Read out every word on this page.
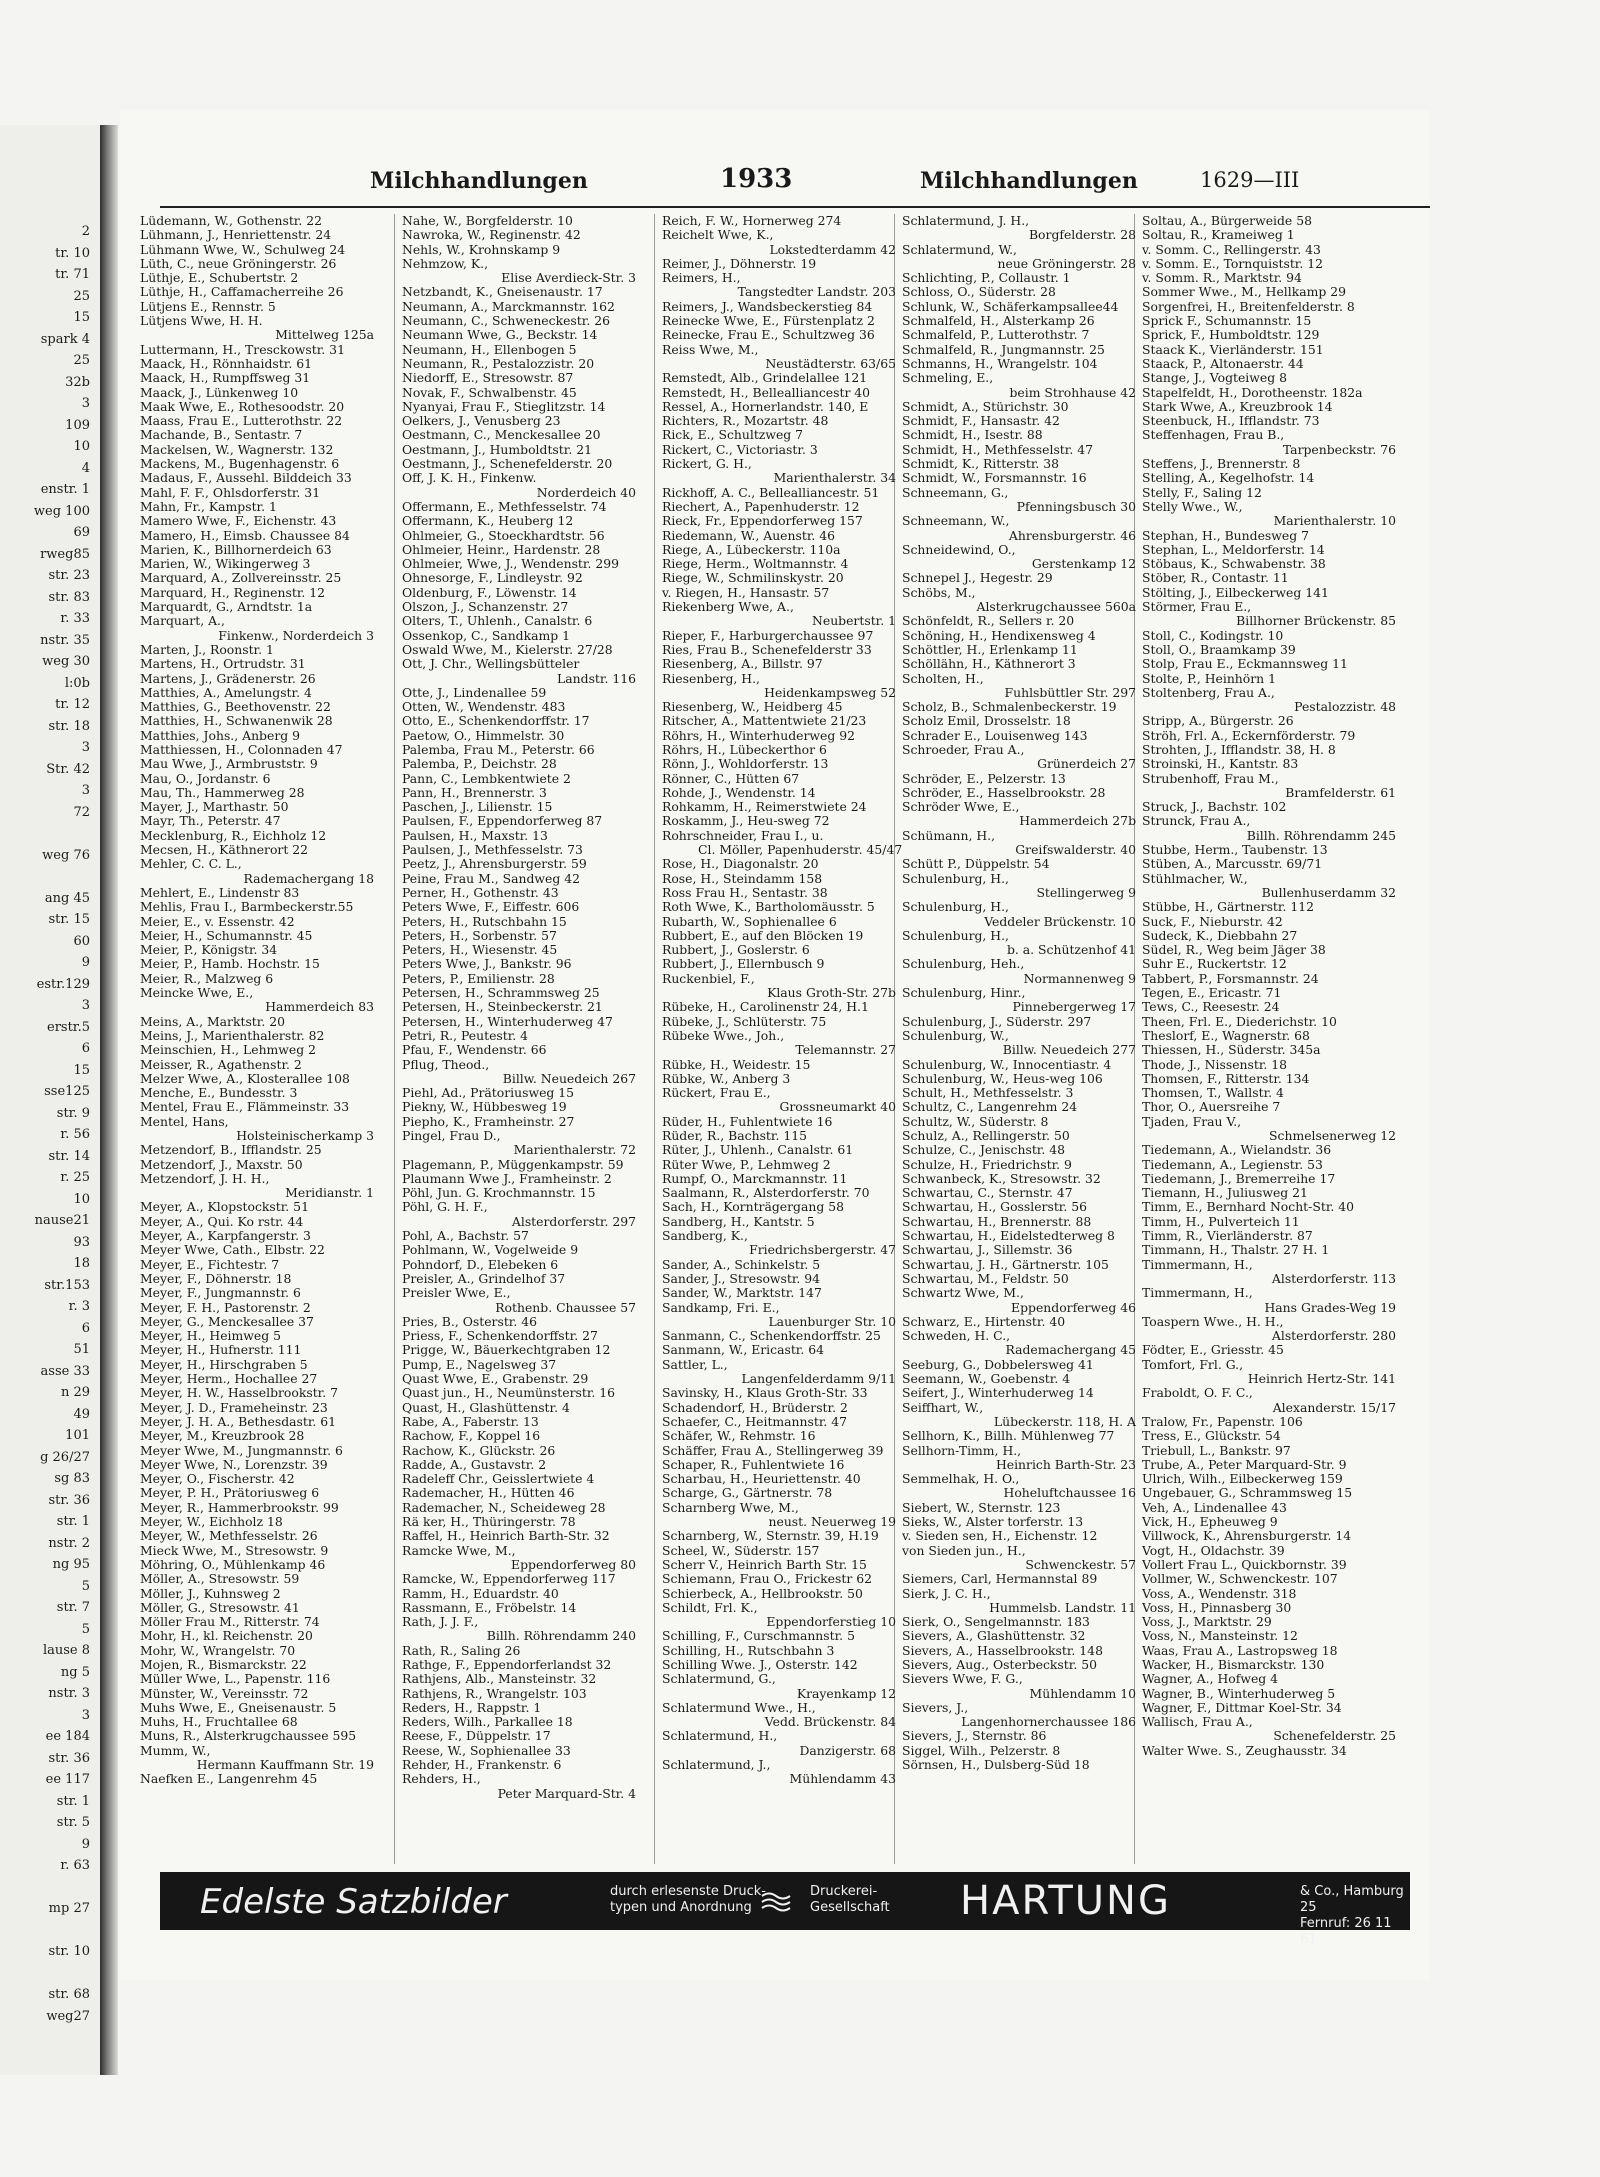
2
tr. 10
tr. 71
25
15
spark 4
25
32b
3
109
10
4
enstr. 1
weg 100
69
rweg85
str. 23
str. 83
r. 33
nstr. 35
weg 30
l:0b
tr. 12
str. 18
3
Str. 42
3
72
weg 76
ang 45
str. 15
60
9
estr.129
3
erstr.5
6
15
sse125
str. 9
r. 56
str. 14
r. 25
10
nause21
93
18
str.153
r. 3
6
51
asse 33
n 29
49
101
g 26/27
sg 83
str. 36
str. 1
nstr. 2
ng 95
5
str. 7
5
lause 8
ng 5
nstr. 3
3
ee 184
str. 36
ee 117
str. 1
str. 5
9
r. 63
mp 27
str. 10
str. 68
weg27
Milchhandlungen	1933	Milchhandlungen	1629—III
Lüdemann, W., Gothenstr. 22
Lühmann, J., Henriettenstr. 24
Lühmann Wwe, W., Schulweg 24
Lüth, C., neue Gröningerstr. 26
Lüthje, E., Schubertstr. 2
Lüthje, H., Caffamacherreihe 26
Lütjens E., Rennstr. 5
Lütjens Wwe, H. H.
Mittelweg 125a
Luttermann, H., Tresckowstr. 31
Maack, H., Rönnhaidstr. 61
Maack, H., Rumpffsweg 31
Maack, J., Lünkenweg 10
Maak Wwe, E., Rothesoodstr. 20
Maass, Frau E., Lutterothstr. 22
Machande, B., Sentastr. 7
Mackelsen, W., Wagnerstr. 132
Mackens, M., Bugenhagenstr. 6
Madaus, F., Aussehl. Bilddeich 33
Mahl, F. F., Ohlsdorferstr. 31
Mahn, Fr., Kampstr. 1
Mamero Wwe, F., Eichenstr. 43
Mamero, H., Eimsb. Chaussee 84
Marien, K., Billhornerdeich 63
Marien, W., Wikingerweg 3
Marquard, A., Zollvereinsstr. 25
Marquard, H., Reginenstr. 12
Marquardt, G., Arndtstr. 1a
Marquart, A.,
Finkenw., Norderdeich 3
Marten, J., Roonstr. 1
Martens, H., Ortrudstr. 31
Martens, J., Grädenerstr. 26
Matthies, A., Amelungstr. 4
Matthies, G., Beethovenstr. 22
Matthies, H., Schwanenwik 28
Matthies, Johs., Anberg 9
Matthiessen, H., Colonnaden 47
Mau Wwe, J., Armbruststr. 9
Mau, O., Jordanstr. 6
Mau, Th., Hammerweg 28
Mayer, J., Marthastr. 50
Mayr, Th., Peterstr. 47
Mecklenburg, R., Eichholz 12
Mecsen, H., Käthnerort 22
Mehler, C. C. L.,
Rademachergang 18
Mehlert, E., Lindenstr 83
Mehlis, Frau I., Barmbeckerstr.55
Meier, E., v. Essenstr. 42
Meier, H., Schumannstr. 45
Meier, P., Königstr. 34
Meier, P., Hamb. Hochstr. 15
Meier, R., Malzweg 6
Meincke Wwe, E.,
Hammerdeich 83
Meins, A., Marktstr. 20
Meins, J., Marienthalerstr. 82
Meinschien, H., Lehmweg 2
Meisser, R., Agathenstr. 2
Melzer Wwe, A., Klosterallee 108
Menche, E., Bundesstr. 3
Mentel, Frau E., Flämmeinstr. 33
Mentel, Hans,
Holsteinischerkamp 3
Metzendorf, B., Ifflandstr. 25
Metzendorf, J., Maxstr. 50
Metzendorf, J. H. H.,
Meridianstr. 1
Meyer, A., Klopstockstr. 51
Meyer, A., Qui. Ko rstr. 44
Meyer, A., Karpfangerstr. 3
Meyer Wwe, Cath., Elbstr. 22
Meyer, E., Fichtestr. 7
Meyer, F., Döhnerstr. 18
Meyer, F., Jungmannstr. 6
Meyer, F. H., Pastorenstr. 2
Meyer, G., Menckesallee 37
Meyer, H., Heimweg 5
Meyer, H., Hufnerstr. 111
Meyer, H., Hirschgraben 5
Meyer, Herm., Hochallee 27
Meyer, H. W., Hasselbrookstr. 7
Meyer, J. D., Frameheinstr. 23
Meyer, J. H. A., Bethesdastr. 61
Meyer, M., Kreuzbrook 28
Meyer Wwe, M., Jungmannstr. 6
Meyer Wwe, N., Lorenzstr. 39
Meyer, O., Fischerstr. 42
Meyer, P. H., Prätoriusweg 6
Meyer, R., Hammerbrookstr. 99
Meyer, W., Eichholz 18
Meyer, W., Methfesselstr. 26
Mieck Wwe, M., Stresowstr. 9
Möhring, O., Mühlenkamp 46
Möller, A., Stresowstr. 59
Möller, J., Kuhnsweg 2
Möller, G., Stresowstr. 41
Möller Frau M., Ritterstr. 74
Mohr, H., kl. Reichenstr. 20
Mohr, W., Wrangelstr. 70
Mojen, R., Bismarckstr. 22
Müller Wwe, L., Papenstr. 116
Münster, W., Vereinsstr. 72
Muhs Wwe, E., Gneisenaustr. 5
Muhs, H., Fruchtallee 68
Muns, R., Alsterkrugchaussee 595
Mumm, W.,
Hermann Kauffmann Str. 19
Naefken E., Langenrehm 45
Nahe, W., Borgfelderstr. 10
Nawroka, W., Reginenstr. 42
Nehls, W., Krohnskamp 9
Nehmzow, K.,
Elise Averdieck-Str. 3
Netzbandt, K., Gneisenaustr. 17
Neumann, A., Marckmannstr. 162
Neumann, C., Schweneckestr. 26
Neumann Wwe, G., Beckstr. 14
Neumann, H., Ellenbogen 5
Neumann, R., Pestalozzistr. 20
Niedorff, E., Stresowstr. 87
Novak, F., Schwalbenstr. 45
Nyanyai, Frau F., Stieglitzstr. 14
Oelkers, J., Venusberg 23
Oestmann, C., Menckesallee 20
Oestmann, J., Humboldtstr. 21
Oestmann, J., Schenefelderstr. 20
Off, J. K. H., Finkenw.
Norderdeich 40
Offermann, E., Methfesselstr. 74
Offermann, K., Heuberg 12
Ohlmeier, G., Stoeckhardtstr. 56
Ohlmeier, Heinr., Hardenstr. 28
Ohlmeier, Wwe, J., Wendenstr. 299
Ohnesorge, F., Lindleystr. 92
Oldenburg, F., Löwenstr. 14
Olszon, J., Schanzenstr. 27
Olters, T., Uhlenh., Canalstr. 6
Ossenkop, C., Sandkamp 1
Oswald Wwe, M., Kielerstr. 27/28
Ott, J. Chr., Wellingsbütteler
Landstr. 116
Otte, J., Lindenallee 59
Otten, W., Wendenstr. 483
Otto, E., Schenkendorffstr. 17
Paetow, O., Himmelstr. 30
Palemba, Frau M., Peterstr. 66
Palemba, P., Deichstr. 28
Pann, C., Lembkentwiete 2
Pann, H., Brennerstr. 3
Paschen, J., Lilienstr. 15
Paulsen, F., Eppendorferweg 87
Paulsen, H., Maxstr. 13
Paulsen, J., Methfesselstr. 73
Peetz, J., Ahrensburgerstr. 59
Peine, Frau M., Sandweg 42
Perner, H., Gothenstr. 43
Peters Wwe, F., Eiffestr. 606
Peters, H., Rutschbahn 15
Peters, H., Sorbenstr. 57
Peters, H., Wiesenstr. 45
Peters Wwe, J., Bankstr. 96
Peters, P., Emilienstr. 28
Petersen, H., Schrammsweg 25
Petersen, H., Steinbeckerstr. 21
Petersen, H., Winterhuderweg 47
Petri, R., Peutestr. 4
Pfau, F., Wendenstr. 66
Pflug, Theod.,
Billw. Neuedeich 267
Piehl, Ad., Prätoriusweg 15
Piekny, W., Hübbesweg 19
Piepho, K., Framheinstr. 27
Pingel, Frau D.,
Marienthalerstr. 72
Plagemann, P., Müggenkampstr. 59
Plaumann Wwe J., Framheinstr. 2
Pöhl, Jun. G. Krochmannstr. 15
Pöhl, G. H. F.,
Alsterdorferstr. 297
Pohl, A., Bachstr. 57
Pohlmann, W., Vogelweide 9
Pohndorf, D., Elebeken 6
Preisler, A., Grindelhof 37
Preisler Wwe, E.,
Rothenb. Chaussee 57
Pries, B., Osterstr. 46
Priess, F., Schenkendorffstr. 27
Prigge, W., Bäuerkechtgraben 12
Pump, E., Nagelsweg 37
Quast Wwe, E., Grabenstr. 29
Quast jun., H., Neumünsterstr. 16
Quast, H., Glashüttenstr. 4
Rabe, A., Faberstr. 13
Rachow, F., Koppel 16
Rachow, K., Glückstr. 26
Radde, A., Gustavstr. 2
Radeleff Chr., Geisslertwiete 4
Rademacher, H., Hütten 46
Rademacher, N., Scheideweg 28
Rä ker, H., Thüringerstr. 78
Raffel, H., Heinrich Barth-Str. 32
Ramcke Wwe, M.,
Eppendorferweg 80
Ramcke, W., Eppendorferweg 117
Ramm, H., Eduardstr. 40
Rassmann, E., Fröbelstr. 14
Rath, J. J. F.,
Billh. Röhrendamm 240
Rath, R., Saling 26
Rathge, F., Eppendorferlandst 32
Rathjens, Alb., Mansteinstr. 32
Rathjens, R., Wrangelstr. 103
Reders, H., Rappstr. 1
Reders, Wilh., Parkallee 18
Reese, F., Düppelstr. 17
Reese, W., Sophienallee 33
Rehder, H., Frankenstr. 6
Rehders, H.,
Peter Marquard-Str. 4
Reich, F. W., Hornerweg 274
Reichelt Wwe, K.,
Lokstedterdamm 42
Reimer, J., Döhnerstr. 19
Reimers, H.,
Tangstedter Landstr. 203
Reimers, J., Wandsbeckerstieg 84
Reinecke Wwe, E., Fürstenplatz 2
Reinecke, Frau E., Schultzweg 36
Reiss Wwe, M.,
Neustädterstr. 63/65
Remstedt, Alb., Grindelallee 121
Remstedt, H., Bellealliancestr 40
Ressel, A., Hornerlandstr. 140, E
Richters, R., Mozartstr. 48
Rick, E., Schultzweg 7
Rickert, C., Victoriastr. 3
Rickert, G. H.,
Marienthalerstr. 34
Rickhoff, A. C., Bellealliancestr. 51
Riechert, A., Papenhuderstr. 12
Rieck, Fr., Eppendorferweg 157
Riedemann, W., Auenstr. 46
Riege, A., Lübeckerstr. 110a
Riege, Herm., Woltmannstr. 4
Riege, W., Schmilinskystr. 20
v. Riegen, H., Hansastr. 57
Riekenberg Wwe, A.,
Neubertstr. 1
Rieper, F., Harburgerchaussee 97
Ries, Frau B., Schenefelderstr 33
Riesenberg, A., Billstr. 97
Riesenberg, H.,
Heidenkampsweg 52
Riesenberg, W., Heidberg 45
Ritscher, A., Mattentwiete 21/23
Röhrs, H., Winterhuderweg 92
Röhrs, H., Lübeckerthor 6
Rönn, J., Wohldorferstr. 13
Rönner, C., Hütten 67
Rohde, J., Wendenstr. 14
Rohkamm, H., Reimerstwiete 24
Roskamm, J., Heu-sweg 72
Rohrschneider, Frau I., u.
Cl. Möller, Papenhuderstr. 45/47
Rose, H., Diagonalstr. 20
Rose, H., Steindamm 158
Ross Frau H., Sentastr. 38
Roth Wwe, K., Bartholomäusstr. 5
Rubarth, W., Sophienallee 6
Rubbert, E., auf den Blöcken 19
Rubbert, J., Goslerstr. 6
Rubbert, J., Ellernbusch 9
Ruckenbiel, F.,
Klaus Groth-Str. 27b
Rübeke, H., Carolinenstr 24, H.1
Rübeke, J., Schlüterstr. 75
Rübeke Wwe., Joh.,
Telemannstr. 27
Rübke, H., Weidestr. 15
Rübke, W., Anberg 3
Rückert, Frau E.,
Grossneumarkt 40
Rüder, H., Fuhlentwiete 16
Rüder, R., Bachstr. 115
Rüter, J., Uhlenh., Canalstr. 61
Rüter Wwe, P., Lehmweg 2
Rumpf, O., Marckmannstr. 11
Saalmann, R., Alsterdorferstr. 70
Sach, H., Kornträgergang 58
Sandberg, H., Kantstr. 5
Sandberg, K.,
Friedrichsbergerstr. 47
Sander, A., Schinkelstr. 5
Sander, J., Stresowstr. 94
Sander, W., Marktstr. 147
Sandkamp, Fri. E.,
Lauenburger Str. 10
Sanmann, C., Schenkendorffstr. 25
Sanmann, W., Ericastr. 64
Sattler, L.,
Langenfelderdamm 9/11
Savinsky, H., Klaus Groth-Str. 33
Schadendorf, H., Brüderstr. 2
Schaefer, C., Heitmannstr. 47
Schäfer, W., Rehmstr. 16
Schäffer, Frau A., Stellingerweg 39
Schaper, R., Fuhlentwiete 16
Scharbau, H., Heuriettenstr. 40
Scharge, G., Gärtnerstr. 78
Scharnberg Wwe, M.,
neust. Neuerweg 19
Scharnberg, W., Sternstr. 39, H.19
Scheel, W., Süderstr. 157
Scherr V., Heinrich Barth Str. 15
Schiemann, Frau O., Frickestr 62
Schierbeck, A., Hellbrookstr. 50
Schildt, Frl. K.,
Eppendorferstieg 10
Schilling, F., Curschmannstr. 5
Schilling, H., Rutschbahn 3
Schilling Wwe. J., Osterstr. 142
Schlatermund, G.,
Krayenkamp 12
Schlatermund Wwe., H.,
Vedd. Brückenstr. 84
Schlatermund, H.,
Danzigerstr. 68
Schlatermund, J.,
Mühlendamm 43
Schlatermund, J. H.,
Borgfelderstr. 28
Schlatermund, W.,
neue Gröningerstr. 28
Schlichting, P., Collaustr. 1
Schloss, O., Süderstr. 28
Schlunk, W., Schäferkampsallee44
Schmalfeld, H., Alsterkamp 26
Schmalfeld, P., Lutterothstr. 7
Schmalfeld, R., Jungmannstr. 25
Schmanns, H., Wrangelstr. 104
Schmeling, E.,
beim Strohhause 42
Schmidt, A., Stürichstr. 30
Schmidt, F., Hansastr. 42
Schmidt, H., Isestr. 88
Schmidt, H., Methfesselstr. 47
Schmidt, K., Ritterstr. 38
Schmidt, W., Forsmannstr. 16
Schneemann, G.,
Pfenningsbusch 30
Schneemann, W.,
Ahrensburgerstr. 46
Schneidewind, O.,
Gerstenkamp 12
Schnepel J., Hegestr. 29
Schöbs, M.,
Alsterkrugchaussee 560a
Schönfeldt, R., Sellers r. 20
Schöning, H., Hendixensweg 4
Schöttler, H., Erlenkamp 11
Schöllähn, H., Käthnerort 3
Scholten, H.,
Fuhlsbüttler Str. 297
Scholz, B., Schmalenbeckerstr. 19
Scholz Emil, Drosselstr. 18
Schrader E., Louisenweg 143
Schroeder, Frau A.,
Grünerdeich 27
Schröder, E., Pelzerstr. 13
Schröder, E., Hasselbrookstr. 28
Schröder Wwe, E.,
Hammerdeich 27b
Schümann, H.,
Greifswalderstr. 40
Schütt P., Düppelstr. 54
Schulenburg, H.,
Stellingerweg 9
Schulenburg, H.,
Veddeler Brückenstr. 10
Schulenburg, H.,
b. a. Schützenhof 41
Schulenburg, Heh.,
Normannenweg 9
Schulenburg, Hinr.,
Pinnebergerweg 17
Schulenburg, J., Süderstr. 297
Schulenburg, W.,
Billw. Neuedeich 277
Schulenburg, W., Innocentiastr. 4
Schulenburg, W., Heus-weg 106
Schult, H., Methfesselstr. 3
Schultz, C., Langenrehm 24
Schultz, W., Süderstr. 8
Schulz, A., Rellingerstr. 50
Schulze, C., Jenischstr. 48
Schulze, H., Friedrichstr. 9
Schwanbeck, K., Stresowstr. 32
Schwartau, C., Sternstr. 47
Schwartau, H., Gosslerstr. 56
Schwartau, H., Brennerstr. 88
Schwartau, H., Eidelstedterweg 8
Schwartau, J., Sillemstr. 36
Schwartau, J. H., Gärtnerstr. 105
Schwartau, M., Feldstr. 50
Schwartz Wwe, M.,
Eppendorferweg 46
Schwarz, E., Hirtenstr. 40
Schweden, H. C.,
Rademachergang 45
Seeburg, G., Dobbelersweg 41
Seemann, W., Goebenstr. 4
Seifert, J., Winterhuderweg 14
Seiffhart, W.,
Lübeckerstr. 118, H. A
Sellhorn, K., Billh. Mühlenweg 77
Sellhorn-Timm, H.,
Heinrich Barth-Str. 23
Semmelhak, H. O.,
Hoheluftchaussee 16
Siebert, W., Sternstr. 123
Sieks, W., Alster torferstr. 13
v. Sieden sen, H., Eichenstr. 12
von Sieden jun., H.,
Schwenckestr. 57
Siemers, Carl, Hermannstal 89
Sierk, J. C. H.,
Hummelsb. Landstr. 11
Sierk, O., Sengelmannstr. 183
Sievers, A., Glashüttenstr. 32
Sievers, A., Hasselbrookstr. 148
Sievers, Aug., Osterbeckstr. 50
Sievers Wwe, F. G.,
Mühlendamm 10
Sievers, J.,
Langenhornerchaussee 186
Sievers, J., Sternstr. 86
Siggel, Wilh., Pelzerstr. 8
Sörnsen, H., Dulsberg-Süd 18
Soltau, A., Bürgerweide 58
Soltau, R., Krameiweg 1
v. Somm. C., Rellingerstr. 43
v. Somm. E., Tornquiststr. 12
v. Somm. R., Marktstr. 94
Sommer Wwe., M., Hellkamp 29
Sorgenfrei, H., Breitenfelderstr. 8
Sprick F., Schumannstr. 15
Sprick, F., Humboldtstr. 129
Staack K., Vierländerstr. 151
Staack, P., Altonaerstr. 44
Stange, J., Vogteiweg 8
Stapelfeldt, H., Dorotheenstr. 182a
Stark Wwe, A., Kreuzbrook 14
Steenbuck, H., Ifflandstr. 73
Steffenhagen, Frau B.,
Tarpenbeckstr. 76
Steffens, J., Brennerstr. 8
Stelling, A., Kegelhofstr. 14
Stelly, F., Saling 12
Stelly Wwe., W.,
Marienthalerstr. 10
Stephan, H., Bundesweg 7
Stephan, L., Meldorferstr. 14
Stöbaus, K., Schwabenstr. 38
Stöber, R., Contastr. 11
Stölting, J., Eilbeckerweg 141
Störmer, Frau E.,
Billhorner Brückenstr. 85
Stoll, C., Kodingstr. 10
Stoll, O., Braamkamp 39
Stolp, Frau E., Eckmannsweg 11
Stolte, P., Heinhörn 1
Stoltenberg, Frau A.,
Pestalozzistr. 48
Stripp, A., Bürgerstr. 26
Ströh, Frl. A., Eckernförderstr. 79
Strohten, J., Ifflandstr. 38, H. 8
Stroinski, H., Kantstr. 83
Strubenhoff, Frau M.,
Bramfelderstr. 61
Struck, J., Bachstr. 102
Strunck, Frau A.,
Billh. Röhrendamm 245
Stubbe, Herm., Taubenstr. 13
Stüben, A., Marcusstr. 69/71
Stühlmacher, W.,
Bullenhuserdamm 32
Stübbe, H., Gärtnerstr. 112
Suck, F., Nieburstr. 42
Sudeck, K., Diebbahn 27
Südel, R., Weg beim Jäger 38
Suhr E., Ruckertstr. 12
Tabbert, P., Forsmannstr. 24
Tegen, E., Ericastr. 71
Tews, C., Reesestr. 24
Theen, Frl. E., Diederichstr. 10
Theslorf, E., Wagnerstr. 68
Thiessen, H., Süderstr. 345a
Thode, J., Nissenstr. 18
Thomsen, F., Ritterstr. 134
Thomsen, T., Wallstr. 4
Thor, O., Auersreihe 7
Tjaden, Frau V.,
Schmelsenerweg 12
Tiedemann, A., Wielandstr. 36
Tiedemann, A., Legienstr. 53
Tiedemann, J., Bremerreihe 17
Tiemann, H., Juliusweg 21
Timm, E., Bernhard Nocht-Str. 40
Timm, H., Pulverteich 11
Timm, R., Vierländerstr. 87
Timmann, H., Thalstr. 27 H. 1
Timmermann, H.,
Alsterdorferstr. 113
Timmermann, H.,
Hans Grades-Weg 19
Toaspern Wwe., H. H.,
Alsterdorferstr. 280
Födter, E., Griesstr. 45
Tomfort, Frl. G.,
Heinrich Hertz-Str. 141
Fraboldt, O. F. C.,
Alexanderstr. 15/17
Tralow, Fr., Papenstr. 106
Tress, E., Glückstr. 54
Triebull, L., Bankstr. 97
Trube, A., Peter Marquard-Str. 9
Ulrich, Wilh., Eilbeckerweg 159
Ungebauer, G., Schrammsweg 15
Veh, A., Lindenallee 43
Vick, H., Epheuweg 9
Villwock, K., Ahrensburgerstr. 14
Vogt, H., Oldachstr. 39
Vollert Frau L., Quickbornstr. 39
Vollmer, W., Schwenckestr. 107
Voss, A., Wendenstr. 318
Voss, H., Pinnasberg 30
Voss, J., Marktstr. 29
Voss, N., Mansteinstr. 12
Waas, Frau A., Lastropsweg 18
Wacker, H., Bismarckstr. 130
Wagner, A., Hofweg 4
Wagner, B., Winterhuderweg 5
Wagner, F., Dittmar Koel-Str. 34
Wallisch, Frau A.,
Schenefelderstr. 25
Walter Wwe. S., Zeughausstr. 34
Edelste Satzbilder	durch erlesenste Druck-
typen und Anordnung
Druckerei-
Gesellschaft HARTUNG	& Co., Hamburg 25
Fernruf: 26 11 61
